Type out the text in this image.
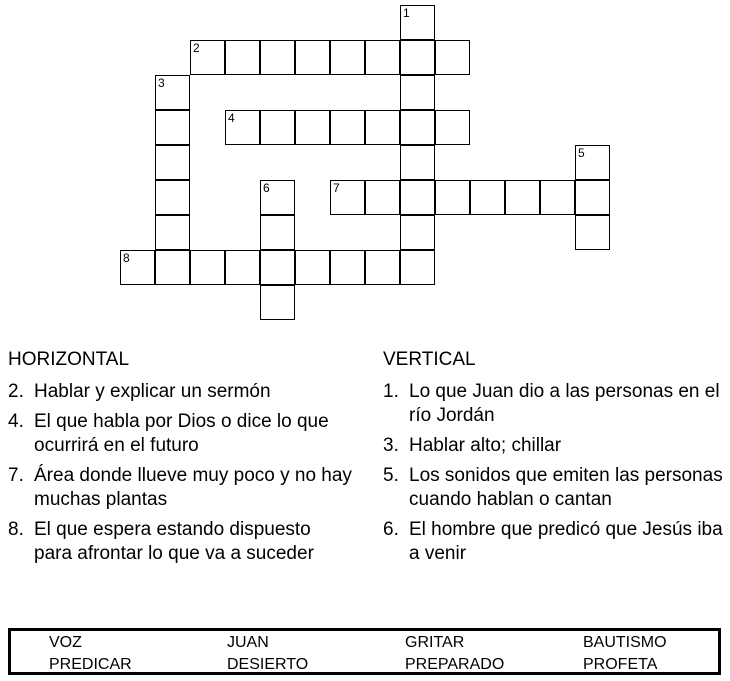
1
2
3
4
5
6	7
8
HORIZONTAL
2. Hablar y explicar un sermón
4. El que habla por Dios o dice lo que ocurrirá en el futuro
7. Área donde llueve muy poco y no hay muchas plantas
8. El que espera estando dispuesto para afrontar lo que va a suceder
VERTICAL
1. Lo que Juan dio a las personas en el río Jordán
3. Hablar alto; chillar
5. Los sonidos que emiten las personas cuando hablan o cantan
6. El hombre que predicó que Jesús iba a venir
VOZ	JUAN	GRITAR	BAUTISMO
PREDICAR	DESIERTO	PREPARADO	PROFETA
